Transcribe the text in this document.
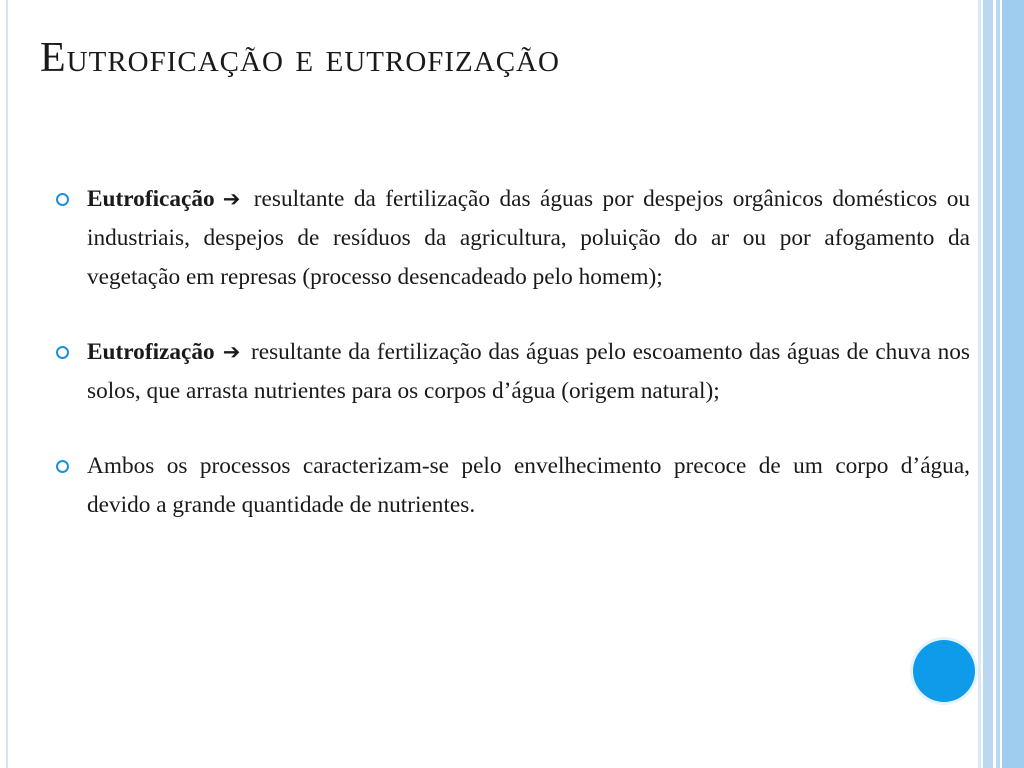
Eutroficação e eutrofização
Eutroficação ➔ resultante da fertilização das águas por despejos orgânicos domésticos ou industriais, despejos de resíduos da agricultura, poluição do ar ou por afogamento da vegetação em represas (processo desencadeado pelo homem);
Eutrofização ➔ resultante da fertilização das águas pelo escoamento das águas de chuva nos solos, que arrasta nutrientes para os corpos d’água (origem natural);
Ambos os processos caracterizam-se pelo envelhecimento precoce de um corpo d’água, devido a grande quantidade de nutrientes.
